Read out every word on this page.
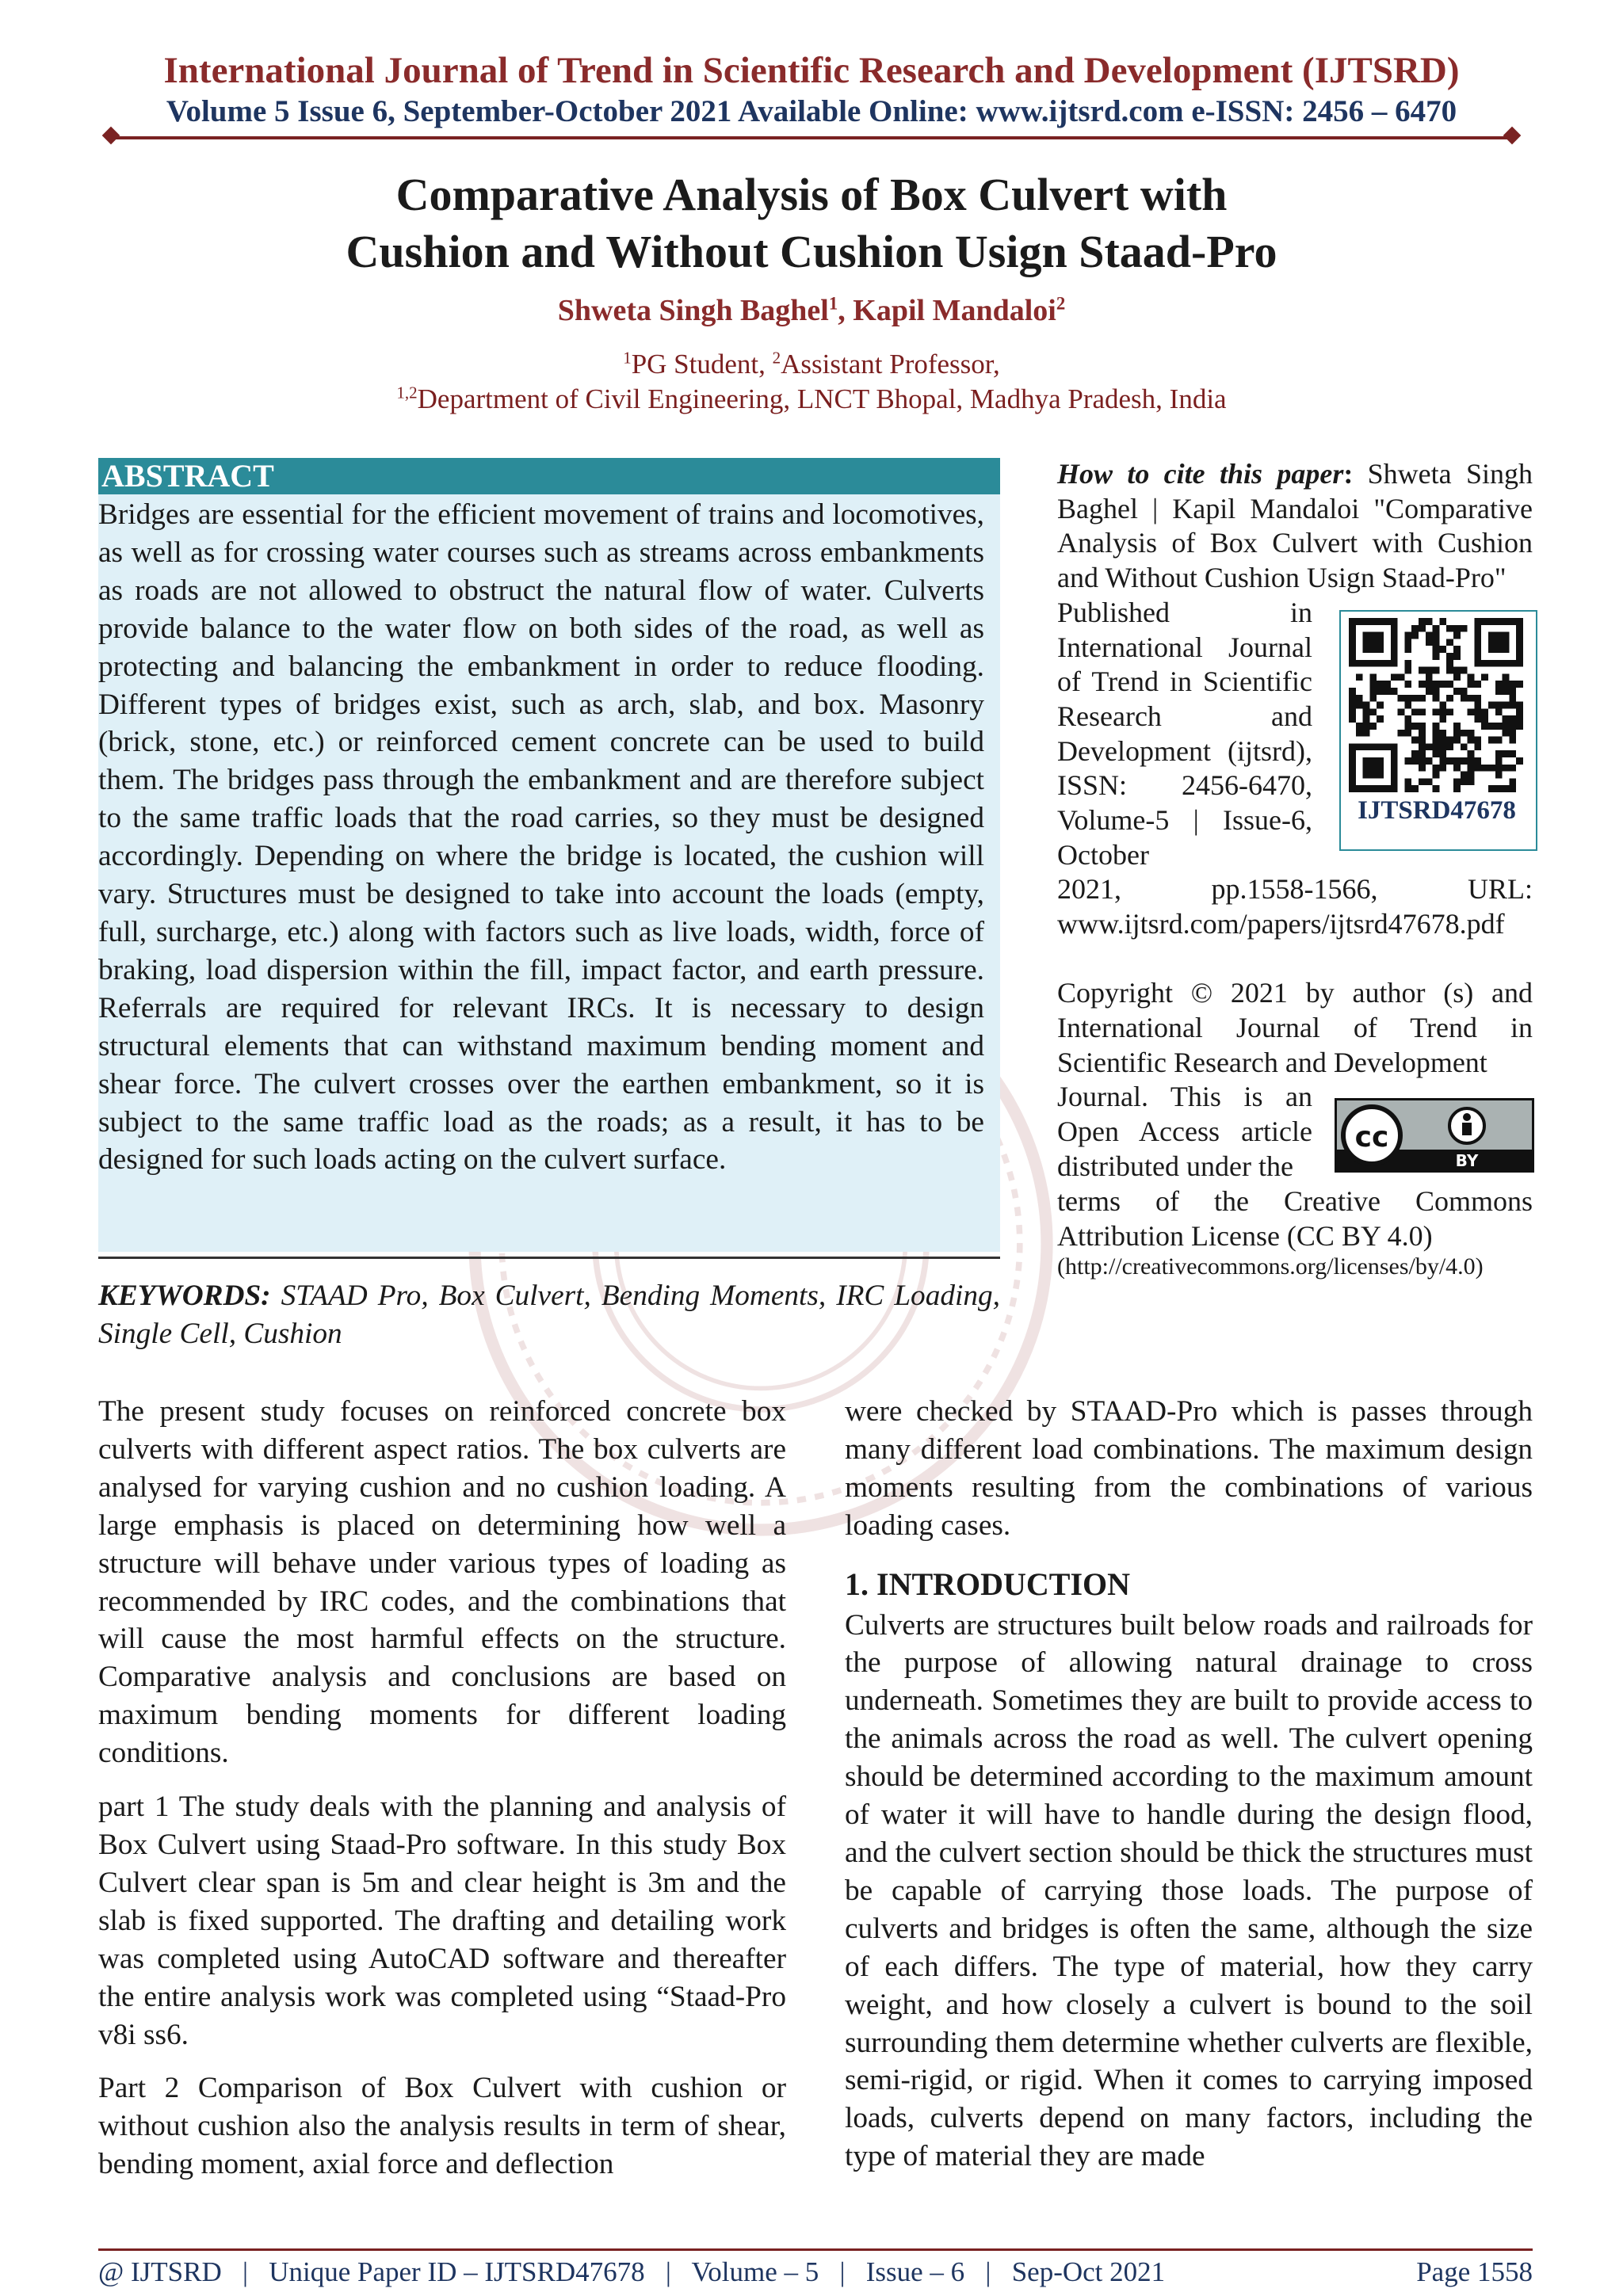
International Journal of Trend in Scientific Research and Development (IJTSRD)
Volume 5 Issue 6, September-October 2021 Available Online: www.ijtsrd.com e-ISSN: 2456 – 6470
Comparative Analysis of Box Culvert with
Cushion and Without Cushion Usign Staad-Pro
Shweta Singh Baghel$^1$, Kapil Mandaloi$^2$
$^1$PG Student, $^2$Assistant Professor,
$^{1,2}$Department of Civil Engineering, LNCT Bhopal, Madhya Pradesh, India
ABSTRACT
Bridges are essential for the efficient movement of trains and locomotives, as well as for crossing water courses such as streams across embankments as roads are not allowed to obstruct the natural flow of water. Culverts provide balance to the water flow on both sides of the road, as well as protecting and balancing the embankment in order to reduce flooding. Different types of bridges exist, such as arch, slab, and box. Masonry (brick, stone, etc.) or reinforced cement concrete can be used to build them. The bridges pass through the embankment and are therefore subject to the same traffic loads that the road carries, so they must be designed accordingly. Depending on where the bridge is located, the cushion will vary. Structures must be designed to take into account the loads (empty, full, surcharge, etc.) along with factors such as live loads, width, force of braking, load dispersion within the fill, impact factor, and earth pressure. Referrals are required for relevant IRCs. It is necessary to design structural elements that can withstand maximum bending moment and shear force. The culvert crosses over the earthen embankment, so it is subject to the same traffic load as the roads; as a result, it has to be designed for such loads acting on the culvert surface.
KEYWORDS: STAAD Pro, Box Culvert, Bending Moments, IRC Loading, Single Cell, Cushion
How to cite this paper: Shweta Singh Baghel | Kapil Mandaloi "Comparative Analysis of Box Culvert with Cushion and Without Cushion Usign Staad-Pro"
Published in International Journal of Trend in Scientific Research and Development (ijtsrd), ISSN: 2456-6470, Volume-5 | Issue-6, October
2021, pp.1558-1566, URL: www.ijtsrd.com/papers/ijtsrd47678.pdf
IJTSRD47678
Copyright © 2021 by author (s) and International Journal of Trend in Scientific Research and Development
Journal. This is an Open Access article distributed under the
terms of the Creative Commons Attribution License (CC BY 4.0)
cc
BY
(http://creativecommons.org/licenses/by/4.0)

The present study focuses on reinforced concrete box culverts with different aspect ratios. The box culverts are analysed for varying cushion and no cushion loading. A large emphasis is placed on determining how well a structure will behave under various types of loading as recommended by IRC codes, and the combinations that will cause the most harmful effects on the structure. Comparative analysis and conclusions are based on maximum bending moments for different loading conditions.

part 1 The study deals with the planning and analysis of Box Culvert using Staad-Pro software. In this study Box Culvert clear span is 5m and clear height is 3m and the slab is fixed supported. The drafting and detailing work was completed using AutoCAD software and thereafter the entire analysis work was completed using “Staad-Pro v8i ss6.

Part 2 Comparison of Box Culvert with cushion or without cushion also the analysis results in term of shear, bending moment, axial force and deflection

were checked by STAAD-Pro which is passes through many different load combinations. The maximum design moments resulting from the combinations of various loading cases.

1. INTRODUCTION

Culverts are structures built below roads and railroads for the purpose of allowing natural drainage to cross underneath. Sometimes they are built to provide access to the animals across the road as well. The culvert opening should be determined according to the maximum amount of water it will have to handle during the design flood, and the culvert section should be thick the structures must be capable of carrying those loads. The purpose of culverts and bridges is often the same, although the size of each differs. The type of material, how they carry weight, and how closely a culvert is bound to the soil surrounding them determine whether culverts are flexible, semi-rigid, or rigid. When it comes to carrying imposed loads, culverts depend on many factors, including the type of material they are made

@ IJTSRD   |   Unique Paper ID – IJTSRD47678   |   Volume – 5   |   Issue – 6   |   Sep-Oct 2021	Page 1558
